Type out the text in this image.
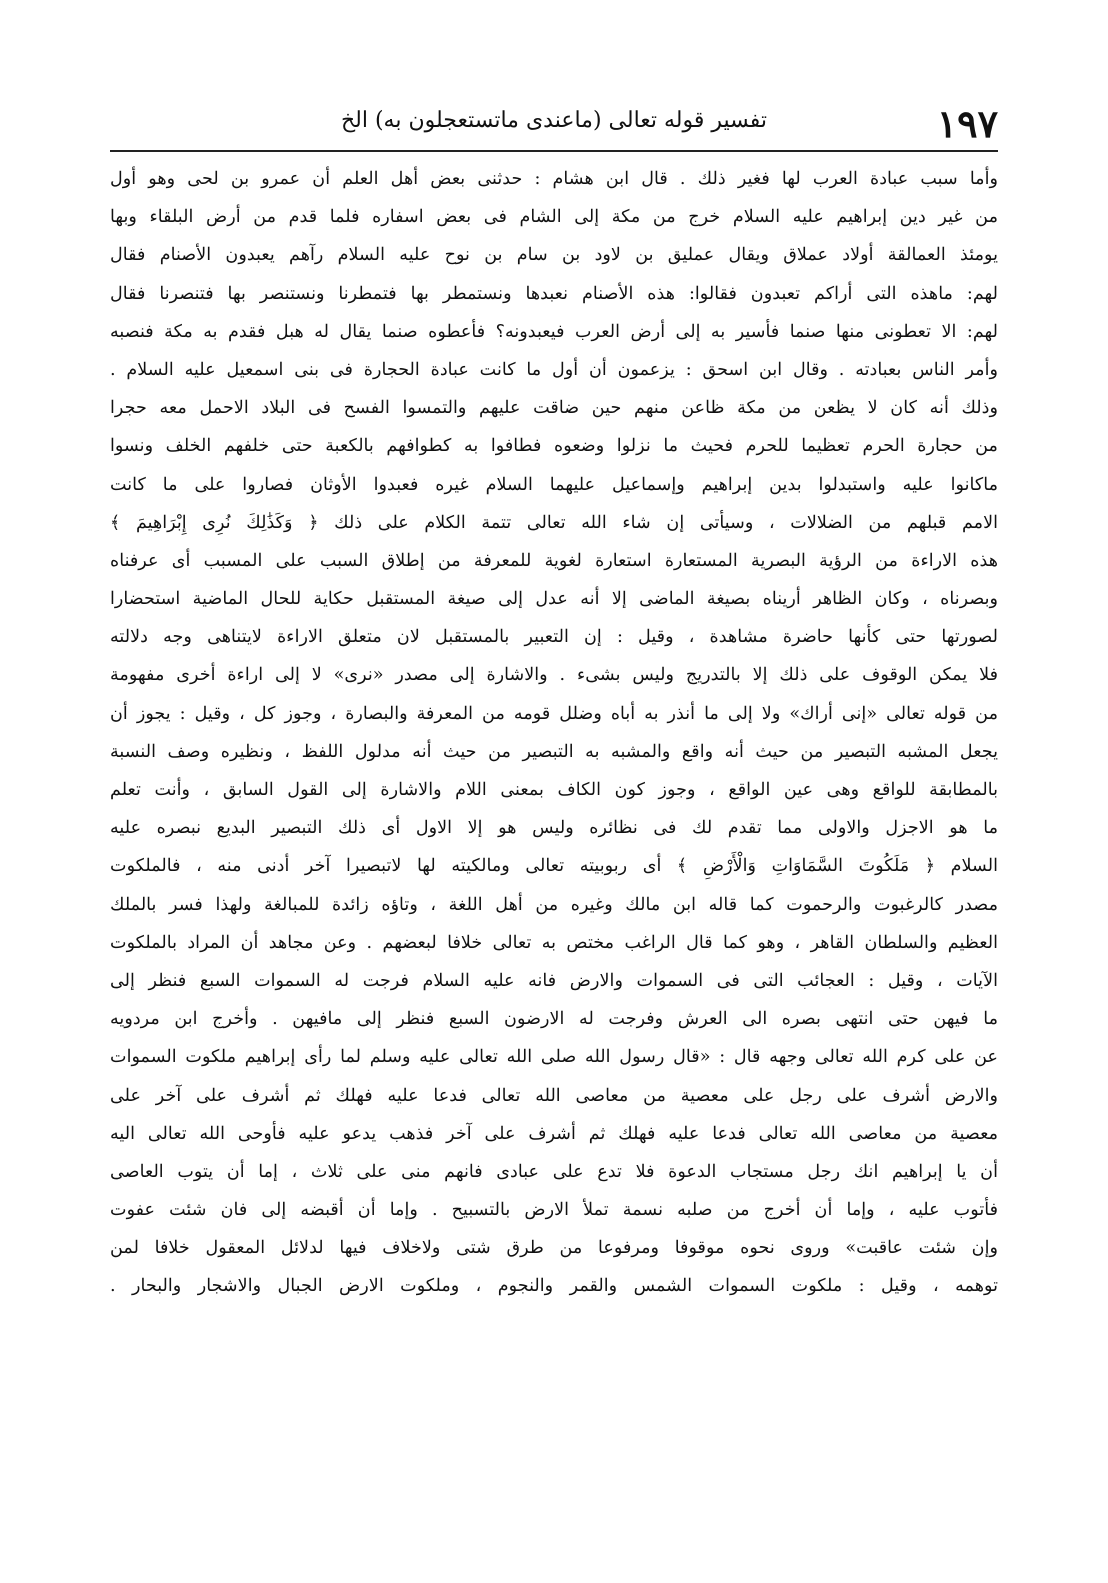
١٩٧
تفسير قوله تعالى (ماعندى ماتستعجلون به) الخ
وأما سبب عبادة العرب لها فغير ذلك . قال ابن هشام : حدثنى بعض أهل العلم أن عمرو بن لحى وهو أول
من غير دين إبراهيم عليه السلام خرج من مكة إلى الشام فى بعض اسفاره فلما قدم من أرض البلقاء وبها
يومئذ العمالقة أولاد عملاق ويقال عمليق بن لاود بن سام بن نوح عليه السلام رآهم يعبدون الأصنام فقال
لهم: ماهذه التى أراكم تعبدون فقالوا: هذه الأصنام نعبدها ونستمطر بها فتمطرنا ونستنصر بها فتنصرنا فقال
لهم: الا تعطونى منها صنما فأسير به إلى أرض العرب فيعبدونه؟ فأعطوه صنما يقال له هبل فقدم به مكة فنصبه
وأمر الناس بعبادته . وقال ابن اسحق : يزعمون أن أول ما كانت عبادة الحجارة فى بنى اسمعيل عليه السلام .
وذلك أنه كان لا يظعن من مكة ظاعن منهم حين ضاقت عليهم والتمسوا الفسح فى البلاد الاحمل معه حجرا
من حجارة الحرم تعظيما للحرم فحيث ما نزلوا وضعوه فطافوا به كطوافهم بالكعبة حتى خلفهم الخلف ونسوا
ماكانوا عليه واستبدلوا بدين إبراهيم وإسماعيل عليهما السلام غيره فعبدوا الأوثان فصاروا على ما كانت
الامم قبلهم من الضلالات ، وسيأتى إن شاء الله تعالى تتمة الكلام على ذلك ﴿ وَكَذَٰلِكَ نُرِى إِبْرَاهِيمَ ﴾
هذه الاراءة من الرؤية البصرية المستعارة استعارة لغوية للمعرفة من إطلاق السبب على المسبب أى عرفناه
وبصرناه ، وكان الظاهر أريناه بصيغة الماضى إلا أنه عدل إلى صيغة المستقبل حكاية للحال الماضية استحضارا
لصورتها حتى كأنها حاضرة مشاهدة ، وقيل : إن التعبير بالمستقبل لان متعلق الاراءة لايتناهى وجه دلالته
فلا يمكن الوقوف على ذلك إلا بالتدريج وليس بشىء . والاشارة إلى مصدر «نرى» لا إلى اراءة أخرى مفهومة
من قوله تعالى «إنى أراك» ولا إلى ما أنذر به أباه وضلل قومه من المعرفة والبصارة ، وجوز كل ، وقيل : يجوز أن
يجعل المشبه التبصير من حيث أنه واقع والمشبه به التبصير من حيث أنه مدلول اللفظ ، ونظيره وصف النسبة
بالمطابقة للواقع وهى عين الواقع ، وجوز كون الكاف بمعنى اللام والاشارة إلى القول السابق ، وأنت تعلم
ما هو الاجزل والاولى مما تقدم لك فى نظائره وليس هو إلا الاول أى ذلك التبصير البديع نبصره عليه
السلام ﴿ مَلَكُوتَ السَّمَاوَاتِ وَالْأَرْضِ ﴾ أى ربوبيته تعالى ومالكيته لها لاتبصيرا آخر أدنى منه ، فالملكوت
مصدر كالرغبوت والرحموت كما قاله ابن مالك وغيره من أهل اللغة ، وتاؤه زائدة للمبالغة ولهذا فسر بالملك
العظيم والسلطان القاهر ، وهو كما قال الراغب مختص به تعالى خلافا لبعضهم . وعن مجاهد أن المراد بالملكوت
الآيات ، وقيل : العجائب التى فى السموات والارض فانه عليه السلام فرجت له السموات السبع فنظر إلى
ما فيهن حتى انتهى بصره الى العرش وفرجت له الارضون السبع فنظر إلى مافيهن . وأخرج ابن مردويه
عن على كرم الله تعالى وجهه قال : «قال رسول الله صلى الله تعالى عليه وسلم لما رأى إبراهيم ملكوت السموات
والارض أشرف على رجل على معصية من معاصى الله تعالى فدعا عليه فهلك ثم أشرف على آخر على
معصية من معاصى الله تعالى فدعا عليه فهلك ثم أشرف على آخر فذهب يدعو عليه فأوحى الله تعالى اليه
أن يا إبراهيم انك رجل مستجاب الدعوة فلا تدع على عبادى فانهم منى على ثلاث ، إما أن يتوب العاصى
فأتوب عليه ، وإما أن أخرج من صلبه نسمة تملأ الارض بالتسبيح . وإما أن أقبضه إلى فان شئت عفوت
وإن شئت عاقبت» وروى نحوه موقوفا ومرفوعا من طرق شتى ولاخلاف فيها لدلائل المعقول خلافا لمن
توهمه ، وقيل : ملكوت السموات الشمس والقمر والنجوم ، وملكوت الارض الجبال والاشجار والبحار .
